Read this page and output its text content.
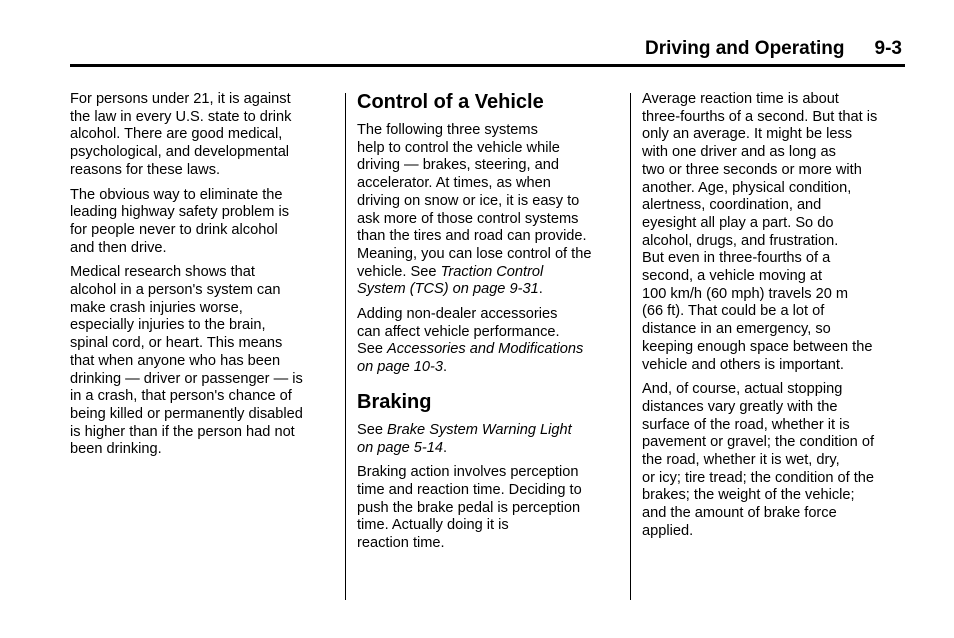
Driving and Operating 9-3

For persons under 21, it is against
the law in every U.S. state to drink
alcohol. There are good medical,
psychological, and developmental
reasons for these laws.

The obvious way to eliminate the
leading highway safety problem is
for people never to drink alcohol
and then drive.

Medical research shows that
alcohol in a person's system can
make crash injuries worse,
especially injuries to the brain,
spinal cord, or heart. This means
that when anyone who has been
drinking — driver or passenger — is
in a crash, that person's chance of
being killed or permanently disabled
is higher than if the person had not
been drinking.

Control of a Vehicle

The following three systems
help to control the vehicle while
driving — brakes, steering, and
accelerator. At times, as when
driving on snow or ice, it is easy to
ask more of those control systems
than the tires and road can provide.
Meaning, you can lose control of the
vehicle. See Traction Control
System (TCS) on page 9-31.

Adding non-dealer accessories
can affect vehicle performance.
See Accessories and Modifications
on page 10-3.

Braking

See Brake System Warning Light
on page 5-14.

Braking action involves perception
time and reaction time. Deciding to
push the brake pedal is perception
time. Actually doing it is
reaction time.

Average reaction time is about
three-fourths of a second. But that is
only an average. It might be less
with one driver and as long as
two or three seconds or more with
another. Age, physical condition,
alertness, coordination, and
eyesight all play a part. So do
alcohol, drugs, and frustration.
But even in three-fourths of a
second, a vehicle moving at
100 km/h (60 mph) travels 20 m
(66 ft). That could be a lot of
distance in an emergency, so
keeping enough space between the
vehicle and others is important.

And, of course, actual stopping
distances vary greatly with the
surface of the road, whether it is
pavement or gravel; the condition of
the road, whether it is wet, dry,
or icy; tire tread; the condition of the
brakes; the weight of the vehicle;
and the amount of brake force
applied.
